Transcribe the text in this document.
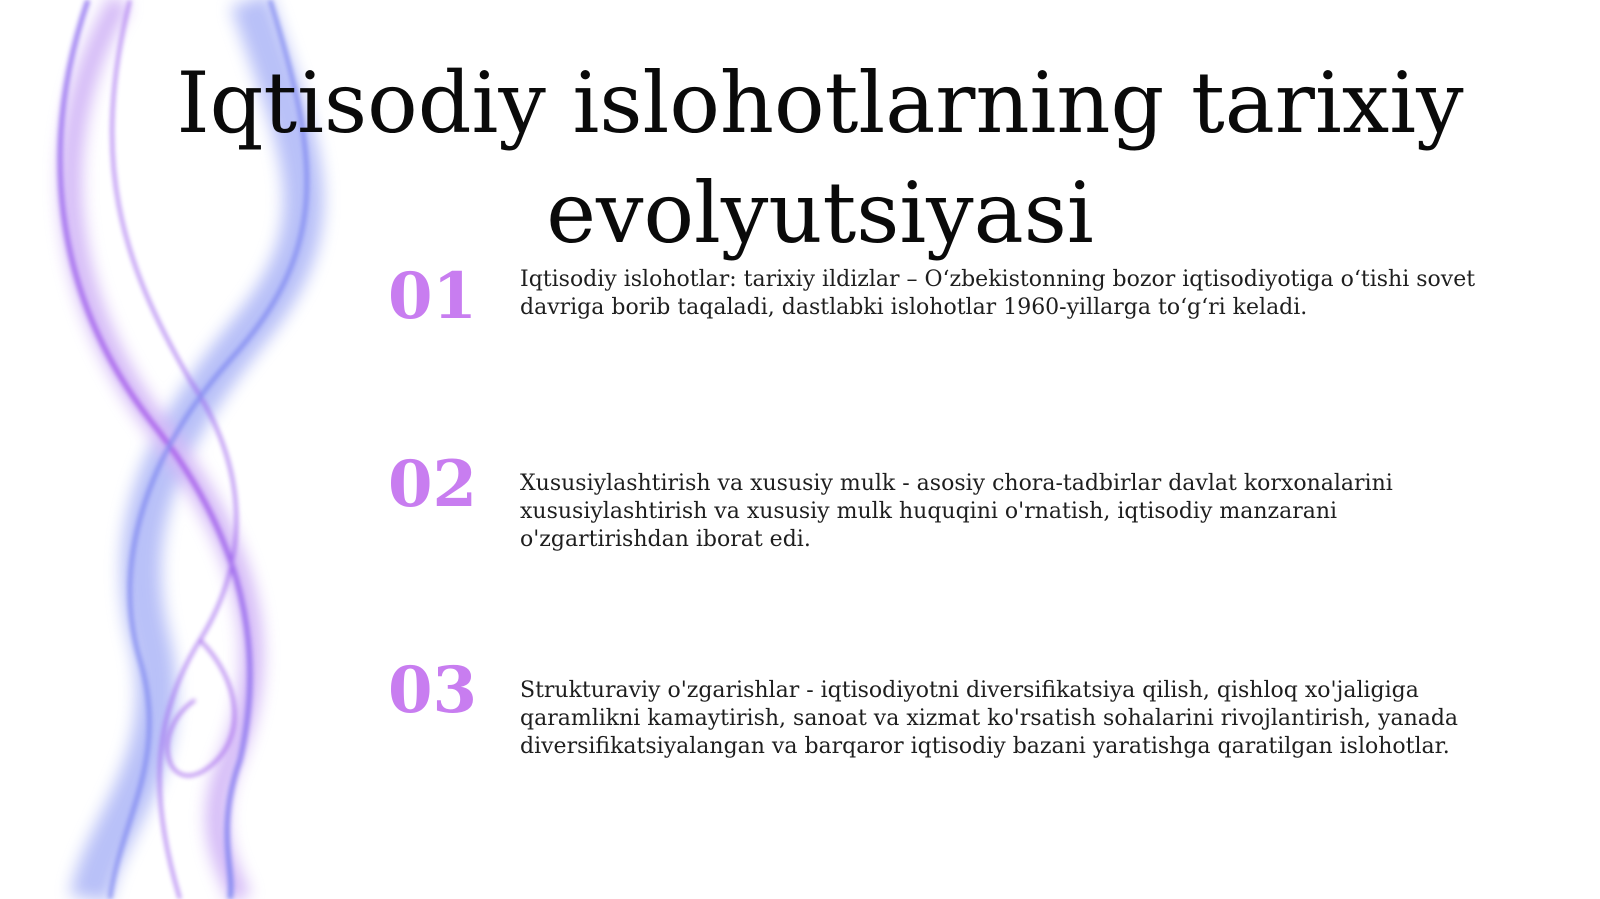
Iqtisodiy islohotlarning tarixiy evolyutsiyasi
01 Iqtisodiy islohotlar: tarixiy ildizlar – O‘zbekistonning bozor iqtisodiyotiga o‘tishi sovet davriga borib taqaladi, dastlabki islohotlar 1960-yillarga to‘g‘ri keladi.

02 Xususiylashtirish va xususiy mulk - asosiy chora-tadbirlar davlat korxonalarini xususiylashtirish va xususiy mulk huquqini o'rnatish, iqtisodiy manzarani o'zgartirishdan iborat edi.

03 Strukturaviy o'zgarishlar - iqtisodiyotni diversifikatsiya qilish, qishloq xo'jaligiga qaramlikni kamaytirish, sanoat va xizmat ko'rsatish sohalarini rivojlantirish, yanada diversifikatsiyalangan va barqaror iqtisodiy bazani yaratishga qaratilgan islohotlar.
